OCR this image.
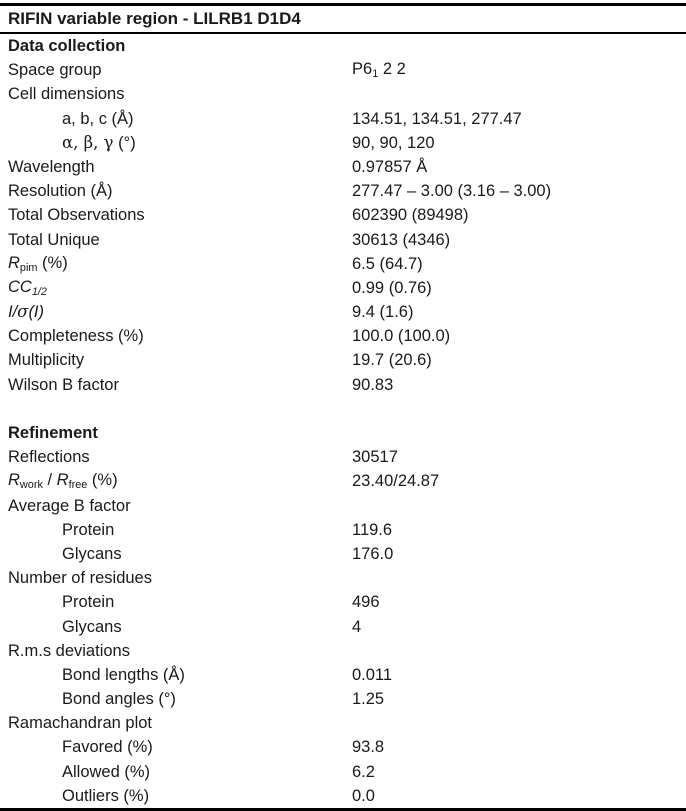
RIFIN variable region - LILRB1 D1D4
Data collection
Space group	P61 2 2
Cell dimensions
a, b, c (Å)	134.51, 134.51, 277.47
α, β, γ (°)	90, 90, 120
Wavelength	0.97857 Å
Resolution (Å)	277.47 – 3.00 (3.16 – 3.00)
Total Observations	602390 (89498)
Total Unique	30613 (4346)
Rpim (%)	6.5 (64.7)
CC1/2	0.99 (0.76)
I/σ(I)	9.4 (1.6)
Completeness (%)	100.0 (100.0)
Multiplicity	19.7 (20.6)
Wilson B factor	90.83
Refinement
Reflections	30517
Rwork / Rfree (%)	23.40/24.87
Average B factor
Protein	119.6
Glycans	176.0
Number of residues
Protein	496
Glycans	4
R.m.s deviations
Bond lengths (Å)	0.011
Bond angles (°)	1.25
Ramachandran plot
Favored (%)	93.8
Allowed (%)	6.2
Outliers (%)	0.0
